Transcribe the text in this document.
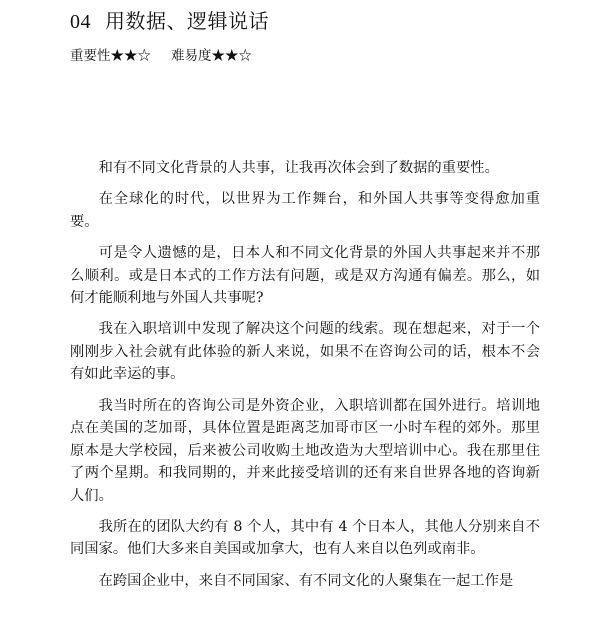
04 用数据、逻辑说话
重要性★★☆ 难易度★★☆

和有不同文化背景的人共事，让我再次体会到了数据的重要性。

在全球化的时代，以世界为工作舞台，和外国人共事等变得愈加重要。

可是令人遗憾的是，日本人和不同文化背景的外国人共事起来并不那么顺利。或是日本式的工作方法有问题，或是双方沟通有偏差。那么，如何才能顺利地与外国人共事呢?

我在入职培训中发现了解决这个问题的线索。现在想起来，对于一个刚刚步入社会就有此体验的新人来说，如果不在咨询公司的话，根本不会有如此幸运的事。

我当时所在的咨询公司是外资企业，入职培训都在国外进行。培训地点在美国的芝加哥，具体位置是距离芝加哥市区一小时车程的郊外。那里原本是大学校园，后来被公司收购土地改造为大型培训中心。我在那里住了两个星期。和我同期的，并来此接受培训的还有来自世界各地的咨询新人们。

我所在的团队大约有 8 个人，其中有 4 个日本人，其他人分别来自不同国家。他们大多来自美国或加拿大，也有人来自以色列或南非。

在跨国企业中，来自不同国家、有不同文化的人聚集在一起工作是
